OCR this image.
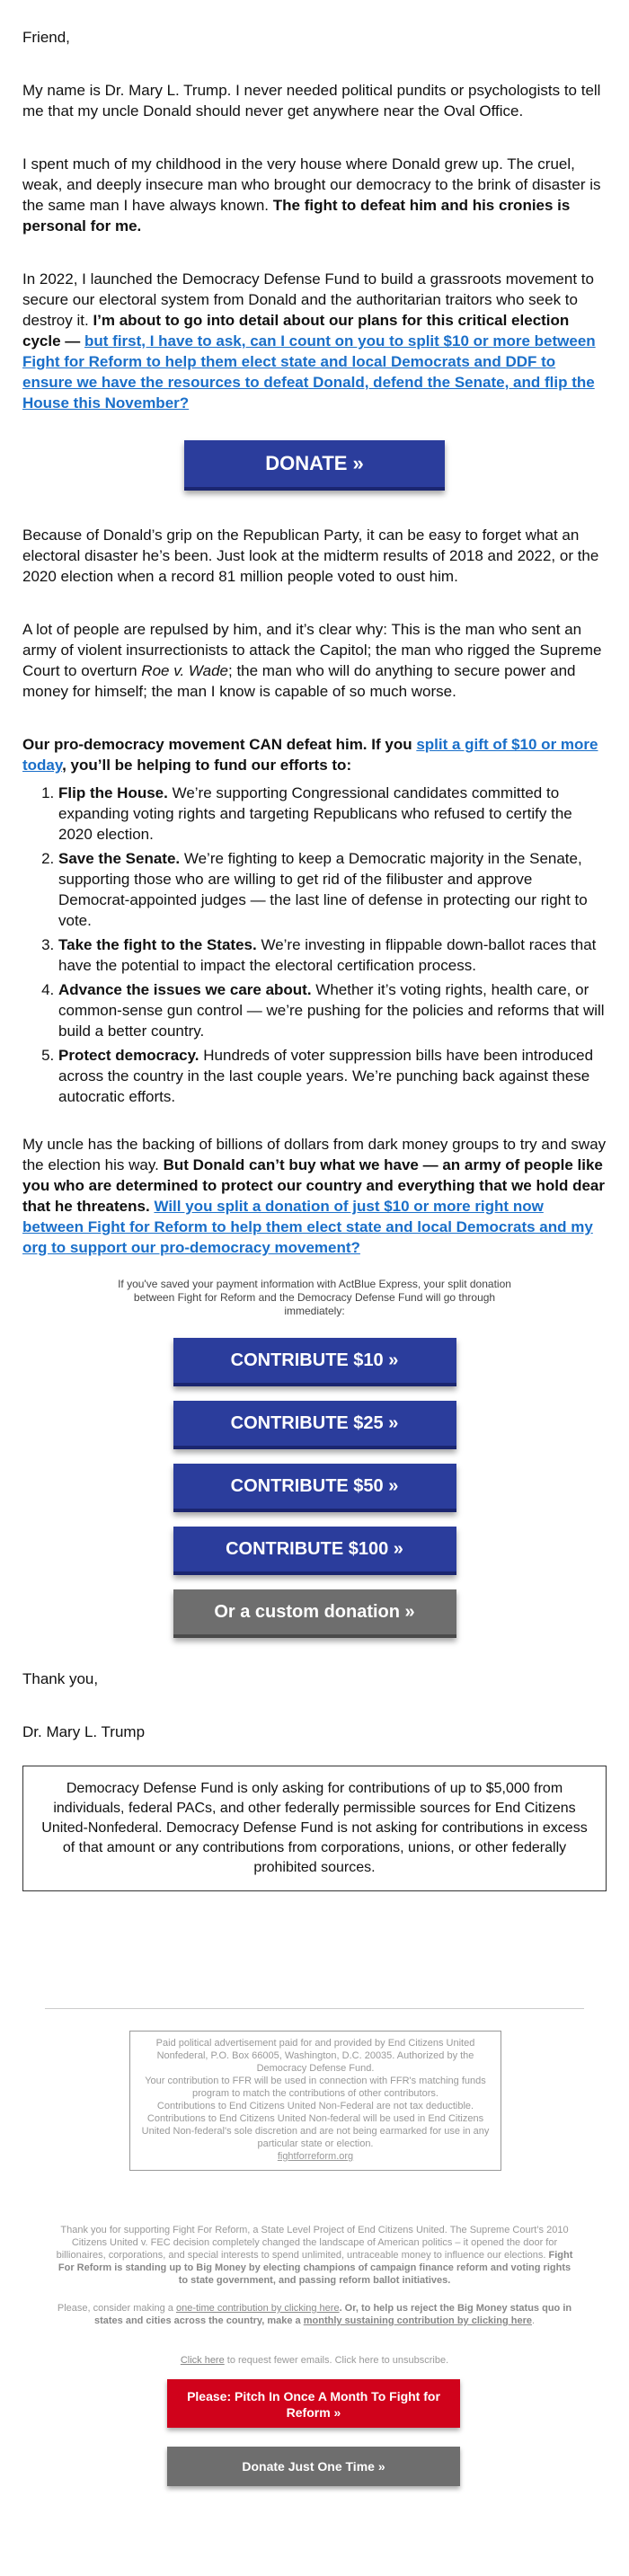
Friend,

My name is Dr. Mary L. Trump. I never needed political pundits or psychologists to tell me that my uncle Donald should never get anywhere near the Oval Office.

I spent much of my childhood in the very house where Donald grew up. The cruel, weak, and deeply insecure man who brought our democracy to the brink of disaster is the same man I have always known. The fight to defeat him and his cronies is personal for me.

In 2022, I launched the Democracy Defense Fund to build a grassroots movement to secure our electoral system from Donald and the authoritarian traitors who seek to destroy it. I’m about to go into detail about our plans for this critical election cycle — but first, I have to ask, can I count on you to split $10 or more between Fight for Reform to help them elect state and local Democrats and DDF to ensure we have the resources to defeat Donald, defend the Senate, and flip the House this November?

DONATE »

Because of Donald’s grip on the Republican Party, it can be easy to forget what an electoral disaster he’s been. Just look at the midterm results of 2018 and 2022, or the 2020 election when a record 81 million people voted to oust him.

A lot of people are repulsed by him, and it’s clear why: This is the man who sent an army of violent insurrectionists to attack the Capitol; the man who rigged the Supreme Court to overturn Roe v. Wade; the man who will do anything to secure power and money for himself; the man I know is capable of so much worse.

Our pro-democracy movement CAN defeat him. If you split a gift of $10 or more today, you’ll be helping to fund our efforts to:

1. Flip the House. We’re supporting Congressional candidates committed to expanding voting rights and targeting Republicans who refused to certify the 2020 election.
2. Save the Senate. We’re fighting to keep a Democratic majority in the Senate, supporting those who are willing to get rid of the filibuster and approve Democrat-appointed judges — the last line of defense in protecting our right to vote.
3. Take the fight to the States. We’re investing in flippable down-ballot races that have the potential to impact the electoral certification process.
4. Advance the issues we care about. Whether it’s voting rights, health care, or common-sense gun control — we’re pushing for the policies and reforms that will build a better country.
5. Protect democracy. Hundreds of voter suppression bills have been introduced across the country in the last couple years. We’re punching back against these autocratic efforts.

My uncle has the backing of billions of dollars from dark money groups to try and sway the election his way. But Donald can’t buy what we have — an army of people like you who are determined to protect our country and everything that we hold dear that he threatens. Will you split a donation of just $10 or more right now between Fight for Reform to help them elect state and local Democrats and my org to support our pro-democracy movement?

If you've saved your payment information with ActBlue Express, your split donation between Fight for Reform and the Democracy Defense Fund will go through immediately:
CONTRIBUTE $10 »
CONTRIBUTE $25 »
CONTRIBUTE $50 »
CONTRIBUTE $100 »
Or a custom donation »

Thank you,

Dr. Mary L. Trump

Democracy Defense Fund is only asking for contributions of up to $5,000 from individuals, federal PACs, and other federally permissible sources for End Citizens United-Nonfederal. Democracy Defense Fund is not asking for contributions in excess of that amount or any contributions from corporations, unions, or other federally prohibited sources.
Paid political advertisement paid for and provided by End Citizens United Nonfederal, P.O. Box 66005, Washington, D.C. 20035. Authorized by the Democracy Defense Fund.
Your contribution to FFR will be used in connection with FFR's matching funds program to match the contributions of other contributors.
Contributions to End Citizens United Non-Federal are not tax deductible.
Contributions to End Citizens United Non-federal will be used in End Citizens United Non-federal's sole discretion and are not being earmarked for use in any particular state or election.
fightforreform.org
Thank you for supporting Fight For Reform, a State Level Project of End Citizens United. The Supreme Court’s 2010 Citizens United v. FEC decision completely changed the landscape of American politics – it opened the door for billionaires, corporations, and special interests to spend unlimited, untraceable money to influence our elections. Fight For Reform is standing up to Big Money by electing champions of campaign finance reform and voting rights to state government, and passing reform ballot initiatives.
Please, consider making a one-time contribution by clicking here. Or, to help us reject the Big Money status quo in states and cities across the country, make a monthly sustaining contribution by clicking here.
Click here to request fewer emails. Click here to unsubscribe.
Please: Pitch In Once A Month To Fight for Reform »
Donate Just One Time »
